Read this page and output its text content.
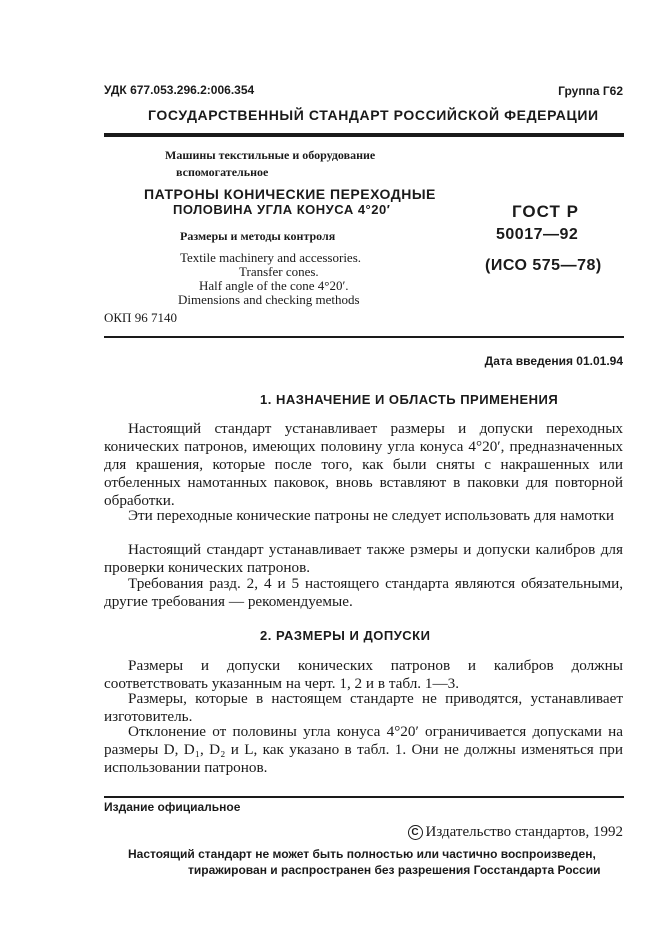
УДК 677.053.296.2:006.354	Группа Г62
ГОСУДАРСТВЕННЫЙ СТАНДАРТ РОССИЙСКОЙ ФЕДЕРАЦИИ
Машины текстильные и оборудование
вспомогательное
ПАТРОНЫ КОНИЧЕСКИЕ ПЕРЕХОДНЫЕ
ПОЛОВИНА УГЛА КОНУСА 4°20′
Размеры и методы контроля
Textile machinery and accessories.
Transfer cones.
Half angle of the cone 4°20′.
Dimensions and checking methods
ОКП 96 7140
ГОСТ Р
50017—92
(ИСО 575—78)
Дата введения 01.01.94
1. НАЗНАЧЕНИЕ И ОБЛАСТЬ ПРИМЕНЕНИЯ

Настоящий стандарт устанавливает размеры и допуски переходных конических патронов, имеющих половину угла конуса 4°20′, предназначенных для крашения, которые после того, как были сняты с накрашенных или отбеленных намотанных паковок, вновь вставляют в паковки для повторной обработки.

Эти переходные конические патроны не следует использовать для намотки

Настоящий стандарт устанавливает также рзмеры и допуски калибров для проверки конических патронов.

Требования разд. 2, 4 и 5 настоящего стандарта являются обязательными, другие требования — рекомендуемые.

2. РАЗМЕРЫ И ДОПУСКИ

Размеры и допуски конических патронов и калибров должны соответствовать указанным на черт. 1, 2 и в табл. 1—3.

Размеры, которые в настоящем стандарте не приводятся, устанавливает изготовитель.

Отклонение от половины угла конуса 4°20′ ограничивается допусками на размеры D, D₁, D₂ и L, как указано в табл. 1. Они не должны изменяться при использовании патронов.

Издание официальное
C Издательство стандартов, 1992
Настоящий стандарт не может быть полностью или частично воспроизведен,
тиражирован и распространен без разрешения Госстандарта России
